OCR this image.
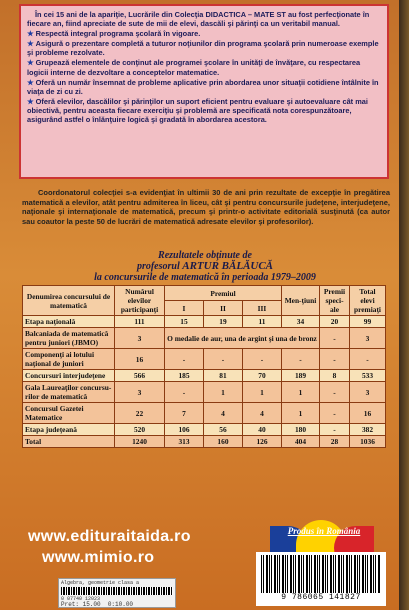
În cei 15 ani de la apariţie, Lucrările din Colecţia DIDACTICA – MATE ST au fost perfecţionate în fiecare an, fiind apreciate de sute de mii de elevi, dascăli şi părinţi ca un veritabil manual.

★ Respectă integral programa şcolară în vigoare.

★ Asigură o prezentare completă a tuturor noţiunilor din programa şcolară prin numeroase exemple şi probleme rezolvate.

★ Grupează elementele de conţinut ale programei şcolare în unităţi de învăţare, cu respectarea logicii interne de dezvoltare a conceptelor matematice.

★ Oferă un număr însemnat de probleme aplicative prin abordarea unor situaţii cotidiene întâlnite în viaţa de zi cu zi.

★ Oferă elevilor, dascălilor şi părinţilor un suport eficient pentru evaluare şi autoevaluare cât mai obiectivă, pentru aceasta fiecare exerciţiu şi problemă are specificată nota corespunzătoare, asigurând astfel o înlănţuire logică şi gradată în abordarea acestora.

Coordonatorul colecţiei s-a evidenţiat în ultimii 30 de ani prin rezultate de excepţie în pregătirea matematică a elevilor, atât pentru admiterea în liceu, cât şi pentru concursurile judeţene, interjudeţene, naţionale şi internaţionale de matematică, precum şi printr-o activitate editorială susţinută (ca autor sau coautor la peste 50 de lucrări de matematică adresate elevilor şi profesorilor).

Rezultatele obţinute de
profesorul ARTUR BĂLĂUCĂ
la concursurile de matematică în perioada 1979–2009
Denumirea concursului de matematică	Numărul elevilor participanţi	Premiul			Men-ţiuni	Premii speci-ale	Total elevi premiaţi
		I	II	III			
Etapa naţională	111	15	19	11	34	20	99
Balcaniada de matematică pentru juniori (JBMO)	3	O medalie de aur, una de argint şi una de bronz				-	3
Componenţi ai lotului naţional de juniori	16	-	-	-	-	-	-
Concursuri interjudeţene	566	185	81	70	189	8	533
Gala Laureaţilor concursu-rilor de matematică	3	-	1	1	1	-	3
Concursul Gazetei Matematice	22	7	4	4	1	-	16
Etapa judeţeană	520	106	56	40	180	-	382
Total	1240	313	160	126	404	28	1036
www.edituraitaida.ro
www.mimio.ro
Produs în România
Algebra, geometrie clasa a
0 07740 12023
Pret: 15.00 0:10.00
9 786065 141827
